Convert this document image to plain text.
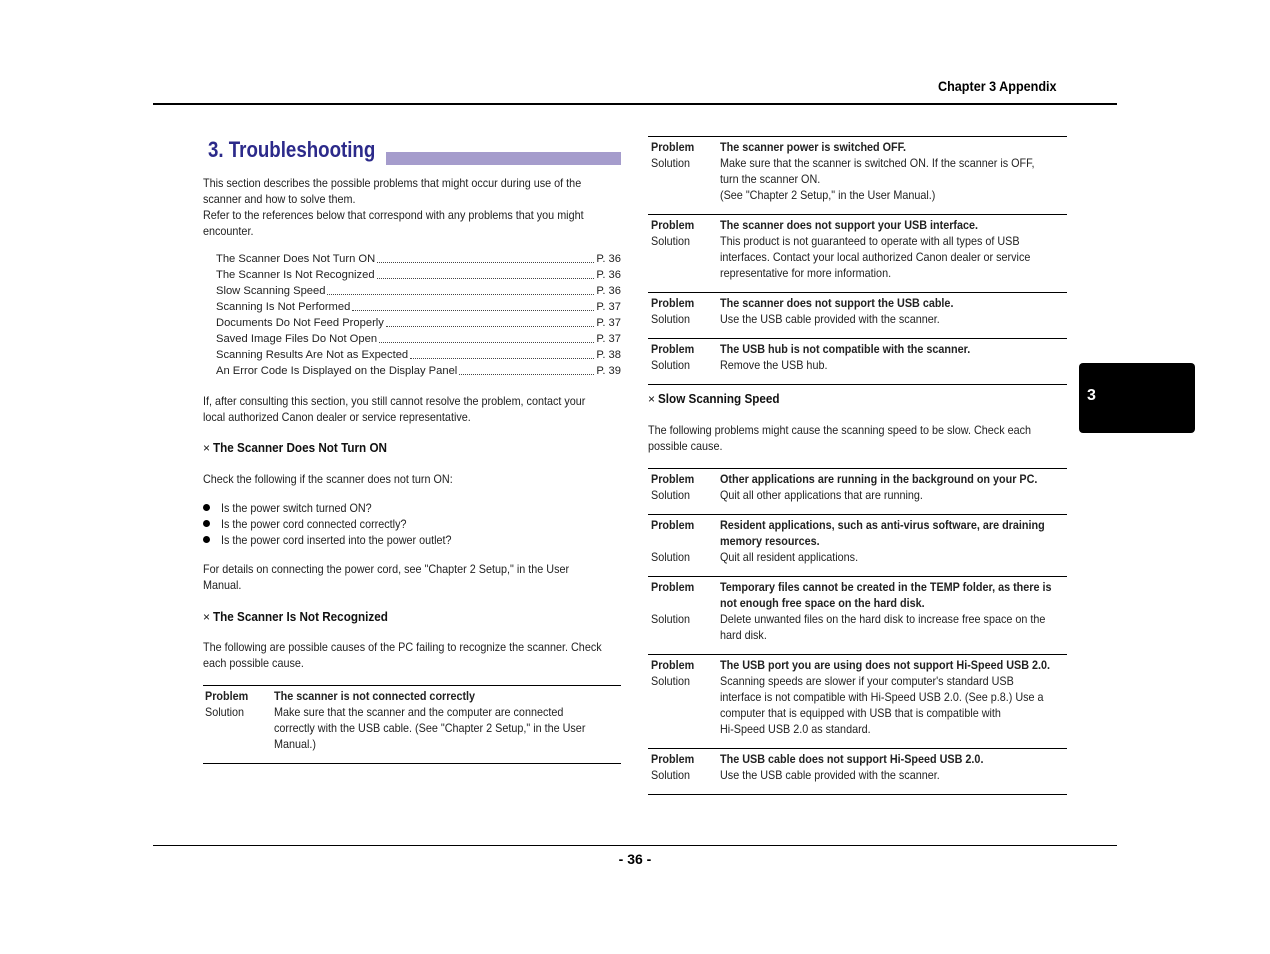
Chapter 3 Appendix
3
3. Troubleshooting
This section describes the possible problems that might occur during use of the
scanner and how to solve them.
Refer to the references below that correspond with any problems that you might
encounter.
The Scanner Does Not Turn ON	P. 36
The Scanner Is Not Recognized	P. 36
Slow Scanning Speed	P. 36
Scanning Is Not Performed	P. 37
Documents Do Not Feed Properly	P. 37
Saved Image Files Do Not Open	P. 37
Scanning Results Are Not as Expected	P. 38
An Error Code Is Displayed on the Display Panel	P. 39
If, after consulting this section, you still cannot resolve the problem, contact your
local authorized Canon dealer or service representative.
× The Scanner Does Not Turn ON
Check the following if the scanner does not turn ON:
Is the power switch turned ON?
Is the power cord connected correctly?
Is the power cord inserted into the power outlet?
For details on connecting the power cord, see "Chapter 2 Setup," in the User
Manual.
× The Scanner Is Not Recognized
The following are possible causes of the PC failing to recognize the scanner. Check
each possible cause.
Problem	The scanner is not connected correctly
Solution	Make sure that the scanner and the computer are connected
correctly with the USB cable. (See "Chapter 2 Setup," in the User
Manual.)
Problem	The scanner power is switched OFF.
Solution	Make sure that the scanner is switched ON. If the scanner is OFF,
turn the scanner ON.
(See "Chapter 2 Setup," in the User Manual.)
Problem	The scanner does not support your USB interface.
Solution	This product is not guaranteed to operate with all types of USB
interfaces. Contact your local authorized Canon dealer or service
representative for more information.
Problem	The scanner does not support the USB cable.
Solution	Use the USB cable provided with the scanner.
Problem	The USB hub is not compatible with the scanner.
Solution	Remove the USB hub.
× Slow Scanning Speed
The following problems might cause the scanning speed to be slow. Check each
possible cause.
Problem	Other applications are running in the background on your PC.
Solution	Quit all other applications that are running.
Problem	Resident applications, such as anti-virus software, are draining
memory resources.
Solution	Quit all resident applications.
Problem	Temporary files cannot be created in the TEMP folder, as there is
not enough free space on the hard disk.
Solution	Delete unwanted files on the hard disk to increase free space on the
hard disk.
Problem	The USB port you are using does not support Hi-Speed USB 2.0.
Solution	Scanning speeds are slower if your computer's standard USB
interface is not compatible with Hi-Speed USB 2.0. (See p.8.) Use a
computer that is equipped with USB that is compatible with
Hi-Speed USB 2.0 as standard.
Problem	The USB cable does not support Hi-Speed USB 2.0.
Solution	Use the USB cable provided with the scanner.
- 36 -
